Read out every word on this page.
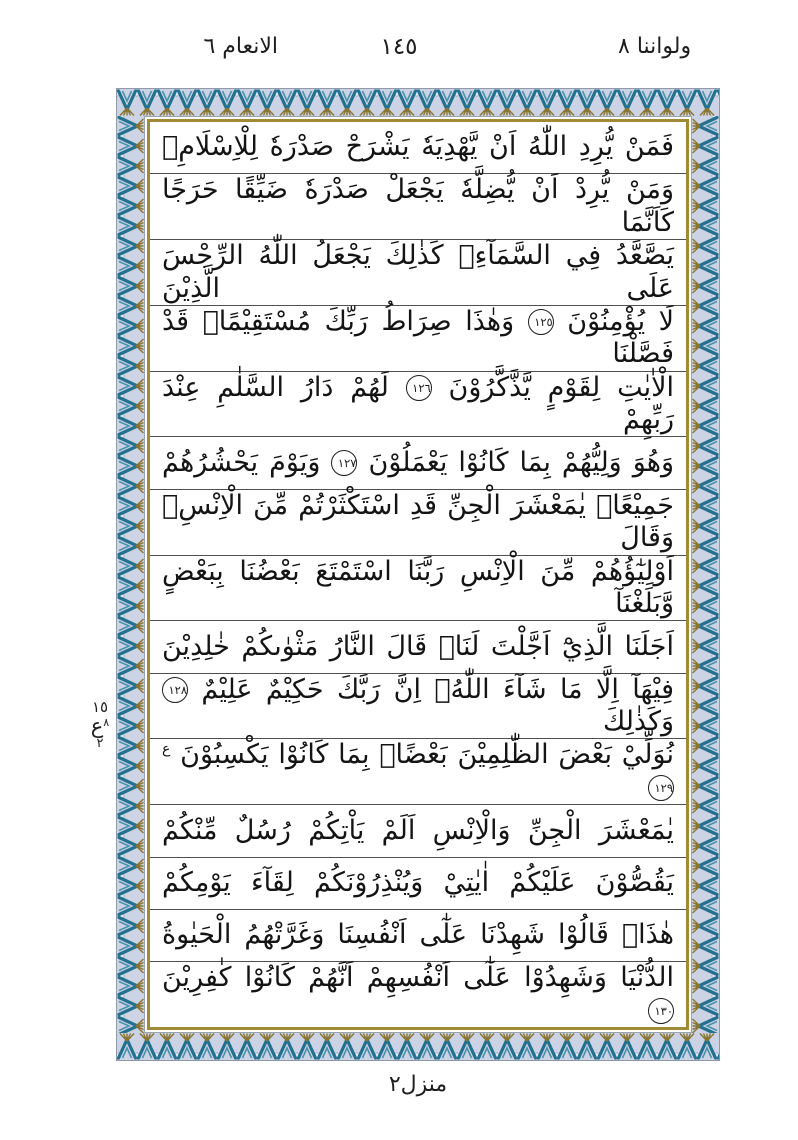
ولواننا ٨
١٤٥
الانعام ٦
فَمَنْ يُّرِدِ اللّٰهُ اَنْ يَّهْدِيَهٗ يَشْرَحْ صَدْرَهٗ لِلْاِسْلَامِۚ
وَمَنْ يُّرِدْ اَنْ يُّضِلَّهٗ يَجْعَلْ صَدْرَهٗ ضَيِّقًا حَرَجًا كَاَنَّمَا
يَصَّعَّدُ فِي السَّمَآءِۚ كَذٰلِكَ يَجْعَلُ اللّٰهُ الرِّجْسَ عَلَى الَّذِيْنَ
لَا يُؤْمِنُوْنَ ١٢٥ وَهٰذَا صِرَاطُ رَبِّكَ مُسْتَقِيْمًاۚ قَدْ فَصَّلْنَا
الْاٰيٰتِ لِقَوْمٍ يَّذَّكَّرُوْنَ ١٢٦ لَهُمْ دَارُ السَّلٰمِ عِنْدَ رَبِّهِمْ
وَهُوَ وَلِيُّهُمْ بِمَا كَانُوْا يَعْمَلُوْنَ ١٢٧ وَيَوْمَ يَحْشُرُهُمْ
جَمِيْعًاۚ يٰمَعْشَرَ الْجِنِّ قَدِ اسْتَكْثَرْتُمْ مِّنَ الْاِنْسِۚ وَقَالَ
اَوْلِيٰٓؤُهُمْ مِّنَ الْاِنْسِ رَبَّنَا اسْتَمْتَعَ بَعْضُنَا بِبَعْضٍ وَّبَلَغْنَآ
اَجَلَنَا الَّذِيْٓ اَجَّلْتَ لَنَاۚ قَالَ النَّارُ مَثْوٰىكُمْ خٰلِدِيْنَ
فِيْهَآ اِلَّا مَا شَآءَ اللّٰهُۚ اِنَّ رَبَّكَ حَكِيْمٌ عَلِيْمٌ ١٢٨ وَكَذٰلِكَ
نُوَلِّيْ بَعْضَ الظّٰلِمِيْنَ بَعْضًاۢ بِمَا كَانُوْا يَكْسِبُوْنَ $^ع$ ١٢٩
يٰمَعْشَرَ الْجِنِّ وَالْاِنْسِ اَلَمْ يَاْتِكُمْ رُسُلٌ مِّنْكُمْ
يَقُصُّوْنَ عَلَيْكُمْ اٰيٰتِيْ وَيُنْذِرُوْنَكُمْ لِقَآءَ يَوْمِكُمْ
هٰذَاۚ قَالُوْا شَهِدْنَا عَلٰٓى اَنْفُسِنَا وَغَرَّتْهُمُ الْحَيٰوةُ
الدُّنْيَا وَشَهِدُوْا عَلٰٓى اَنْفُسِهِمْ اَنَّهُمْ كَانُوْا كٰفِرِيْنَ ١٣٠
١٥
ع ٨
٢
منزل٢
